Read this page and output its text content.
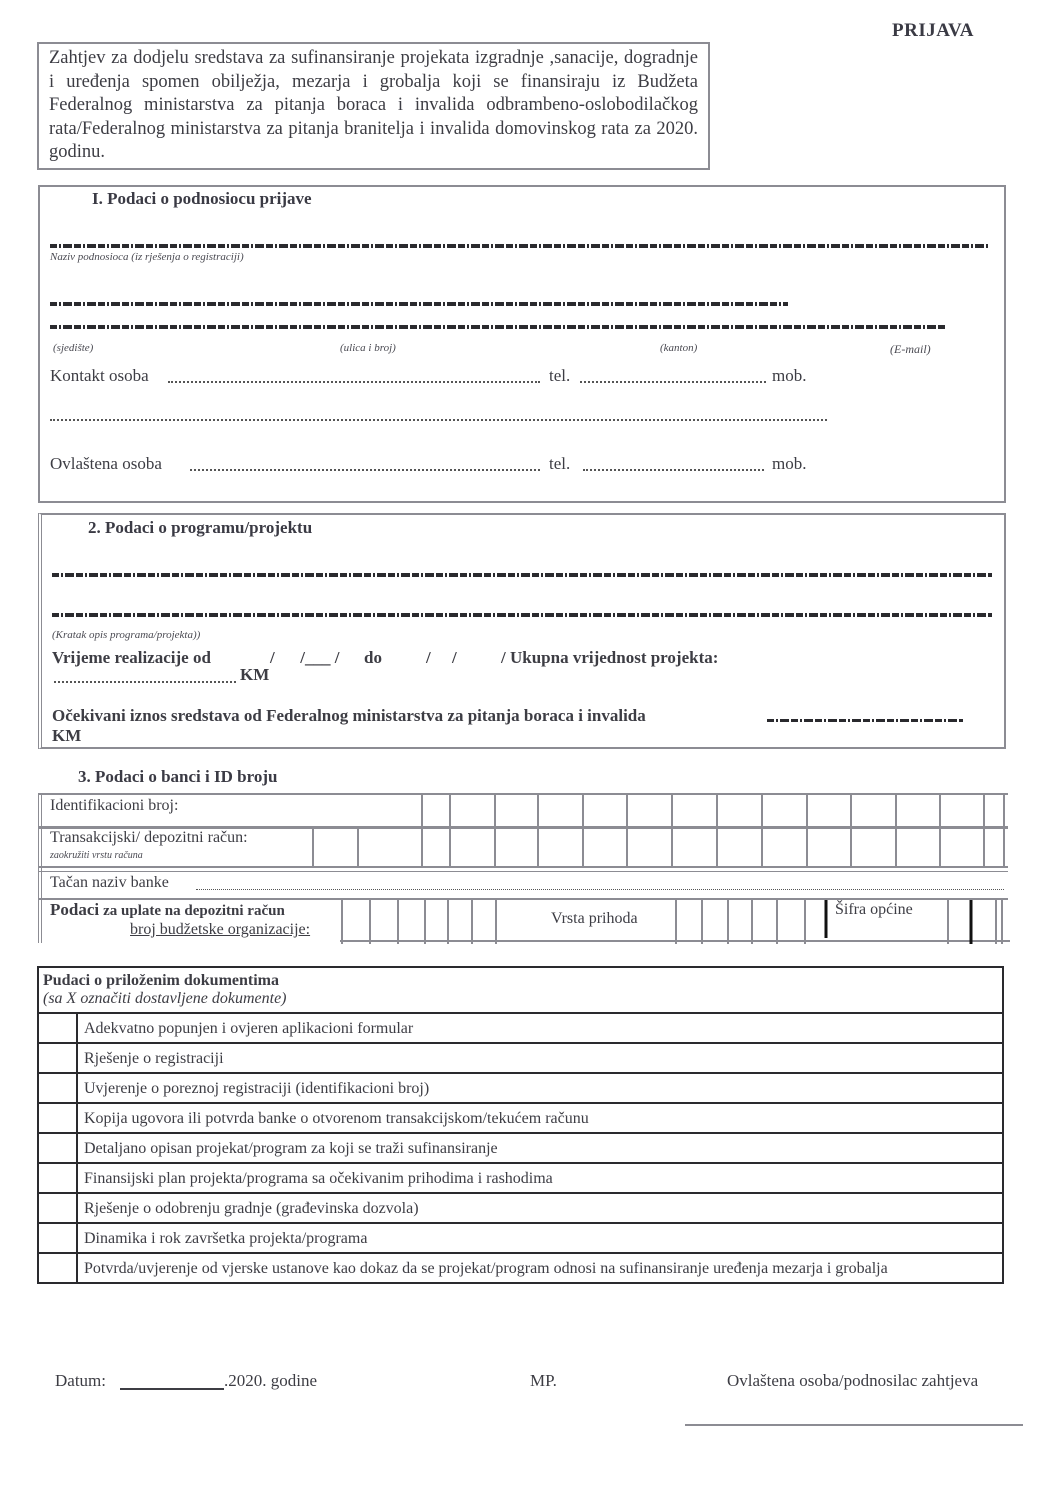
PRIJAVA
Zahtjev za dodjelu sredstava za sufinansiranje projekata izgradnje ,sanacije, dogradnje i uređenja spomen obilježja, mezarja i grobalja koji se finansiraju iz Budžeta Federalnog ministarstva za pitanja boraca i invalida odbrambeno-oslobodilačkog rata/Federalnog ministarstva za pitanja branitelja i invalida domovinskog rata za 2020. godinu.
I. Podaci o podnosiocu prijave
Naziv podnosioca (iz rješenja o registraciji)
(sjedište)	(ulica i broj)	(kanton)	(E-mail)
Kontakt osoba	tel.	mob.
Ovlaštena osoba	tel.	mob.
2. Podaci o programu/projektu
(Kratak opis programa/projekta))
Vrijeme realizacije od	/      /___ / do	/     /	/ Ukupna vrijednost projekta:
KM
Očekivani iznos sredstava od Federalnog ministarstva za pitanja boraca i invalida
KM
3. Podaci o banci i ID broju
Identifikacioni broj:
Transakcijski/ depozitni račun:
zaokružiti vrstu računa
Tačan naziv banke
Podaci za uplate na depozitni račun
broj budžetske organizacije:
Vrsta prihoda
Šifra općine
Pudaci o priloženim dokumentima
(sa X označiti dostavljene dokumente)	

	Adekvatno popunjen i ovjeren aplikacioni formular
	Rješenje o registraciji
	Uvjerenje o poreznoj registraciji (identifikacioni broj)
	Kopija ugovora ili potvrda banke o otvorenom transakcijskom/tekućem računu
	Detaljano opisan projekat/program za koji se traži sufinansiranje
	Finansijski plan projekta/programa sa očekivanim prihodima i rashodima
	Rješenje o odobrenju gradnje (građevinska dozvola)
	Dinamika i rok završetka projekta/programa
	Potvrda/uvjerenje od vjerske ustanove kao dokaz da se projekat/program odnosi na sufinansiranje uređenja mezarja i grobalja
Datum:	.2020. godine	MP.	Ovlaštena osoba/podnosilac zahtjeva
